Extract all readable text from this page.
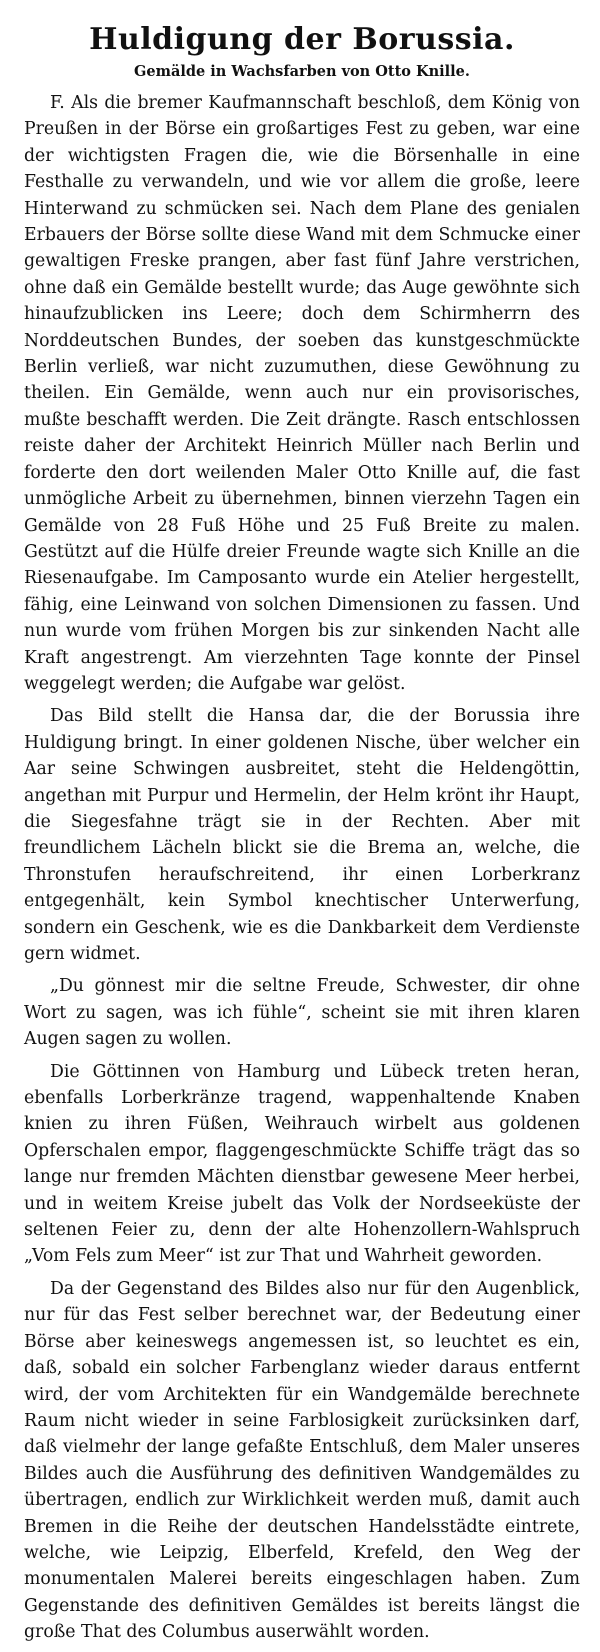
Huldigung der Borussia.
Gemälde in Wachsfarben von Otto Knille.

F. Als die bremer Kaufmannschaft beschloß, dem König von Preußen in der Börse ein großartiges Fest zu geben, war eine der wichtigsten Fragen die, wie die Börsenhalle in eine Festhalle zu verwandeln, und wie vor allem die große, leere Hinterwand zu schmücken sei. Nach dem Plane des genialen Erbauers der Börse sollte diese Wand mit dem Schmucke einer gewaltigen Freske prangen, aber fast fünf Jahre verstrichen, ohne daß ein Gemälde bestellt wurde; das Auge gewöhnte sich hinaufzublicken ins Leere; doch dem Schirmherrn des Norddeutschen Bundes, der soeben das kunstgeschmückte Berlin verließ, war nicht zuzumuthen, diese Gewöhnung zu theilen. Ein Gemälde, wenn auch nur ein provisorisches, mußte beschafft werden. Die Zeit drängte. Rasch entschlossen reiste daher der Architekt Heinrich Müller nach Berlin und forderte den dort weilenden Maler Otto Knille auf, die fast unmögliche Arbeit zu übernehmen, binnen vierzehn Tagen ein Gemälde von 28 Fuß Höhe und 25 Fuß Breite zu malen. Gestützt auf die Hülfe dreier Freunde wagte sich Knille an die Riesenaufgabe. Im Camposanto wurde ein Atelier hergestellt, fähig, eine Leinwand von solchen Dimensionen zu fassen. Und nun wurde vom frühen Morgen bis zur sinkenden Nacht alle Kraft angestrengt. Am vierzehnten Tage konnte der Pinsel weggelegt werden; die Aufgabe war gelöst.

Das Bild stellt die Hansa dar, die der Borussia ihre Huldigung bringt. In einer goldenen Nische, über welcher ein Aar seine Schwingen ausbreitet, steht die Heldengöttin, angethan mit Purpur und Hermelin, der Helm krönt ihr Haupt, die Siegesfahne trägt sie in der Rechten. Aber mit freundlichem Lächeln blickt sie die Brema an, welche, die Thronstufen heraufschreitend, ihr einen Lorberkranz entgegenhält, kein Symbol knechtischer Unterwerfung, sondern ein Geschenk, wie es die Dankbarkeit dem Verdienste gern widmet.

„Du gönnest mir die seltne Freude, Schwester, dir ohne Wort zu sagen, was ich fühle“, scheint sie mit ihren klaren Augen sagen zu wollen.

Die Göttinnen von Hamburg und Lübeck treten heran, ebenfalls Lorberkränze tragend, wappenhaltende Knaben knien zu ihren Füßen, Weihrauch wirbelt aus goldenen Opferschalen empor, flaggengeschmückte Schiffe trägt das so lange nur fremden Mächten dienstbar gewesene Meer herbei, und in weitem Kreise jubelt das Volk der Nordseeküste der seltenen Feier zu, denn der alte Hohenzollern-Wahlspruch „Vom Fels zum Meer“ ist zur That und Wahrheit geworden.

Da der Gegenstand des Bildes also nur für den Augenblick, nur für das Fest selber berechnet war, der Bedeutung einer Börse aber keineswegs angemessen ist, so leuchtet es ein, daß, sobald ein solcher Farbenglanz wieder daraus entfernt wird, der vom Architekten für ein Wandgemälde berechnete Raum nicht wieder in seine Farblosigkeit zurücksinken darf, daß vielmehr der lange gefaßte Entschluß, dem Maler unseres Bildes auch die Ausführung des definitiven Wandgemäldes zu übertragen, endlich zur Wirklichkeit werden muß, damit auch Bremen in die Reihe der deutschen Handelsstädte eintrete, welche, wie Leipzig, Elberfeld, Krefeld, den Weg der monumentalen Malerei bereits eingeschlagen haben. Zum Gegenstande des definitiven Gemäldes ist bereits längst die große That des Columbus auserwählt worden.
